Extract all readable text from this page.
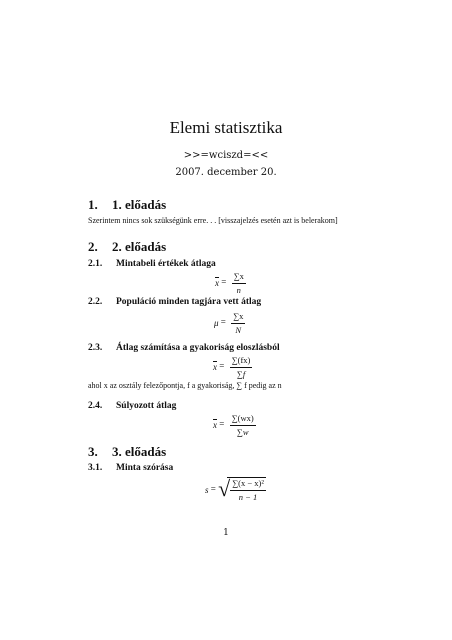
Elemi statisztika
>>=wciszd=<<
2007. december 20.
1. 1. előadás
Szerintem nincs sok szükségünk erre. . . [visszajelzés esetén azt is belerakom]
2. 2. előadás
2.1. Mintabeli értékek átlaga
$\overline{x} = \frac{\sum x}{n}$
2.2. Populáció minden tagjára vett átlag
$\mu = \frac{\sum x}{N}$
2.3. Átlag számítása a gyakoriság eloszlásból
$\overline{x} = \frac{\sum(fx)}{\sum f}$
ahol x az osztály felezőpontja, f a gyakoriság, ∑ f pedig az n
2.4. Súlyozott átlag
$\overline{x} = \frac{\sum(wx)}{\sum w}$
3. 3. előadás
3.1. Minta szórása
s = √ $\frac{\text{∑(x − x)²}}{n - 1}$
1
